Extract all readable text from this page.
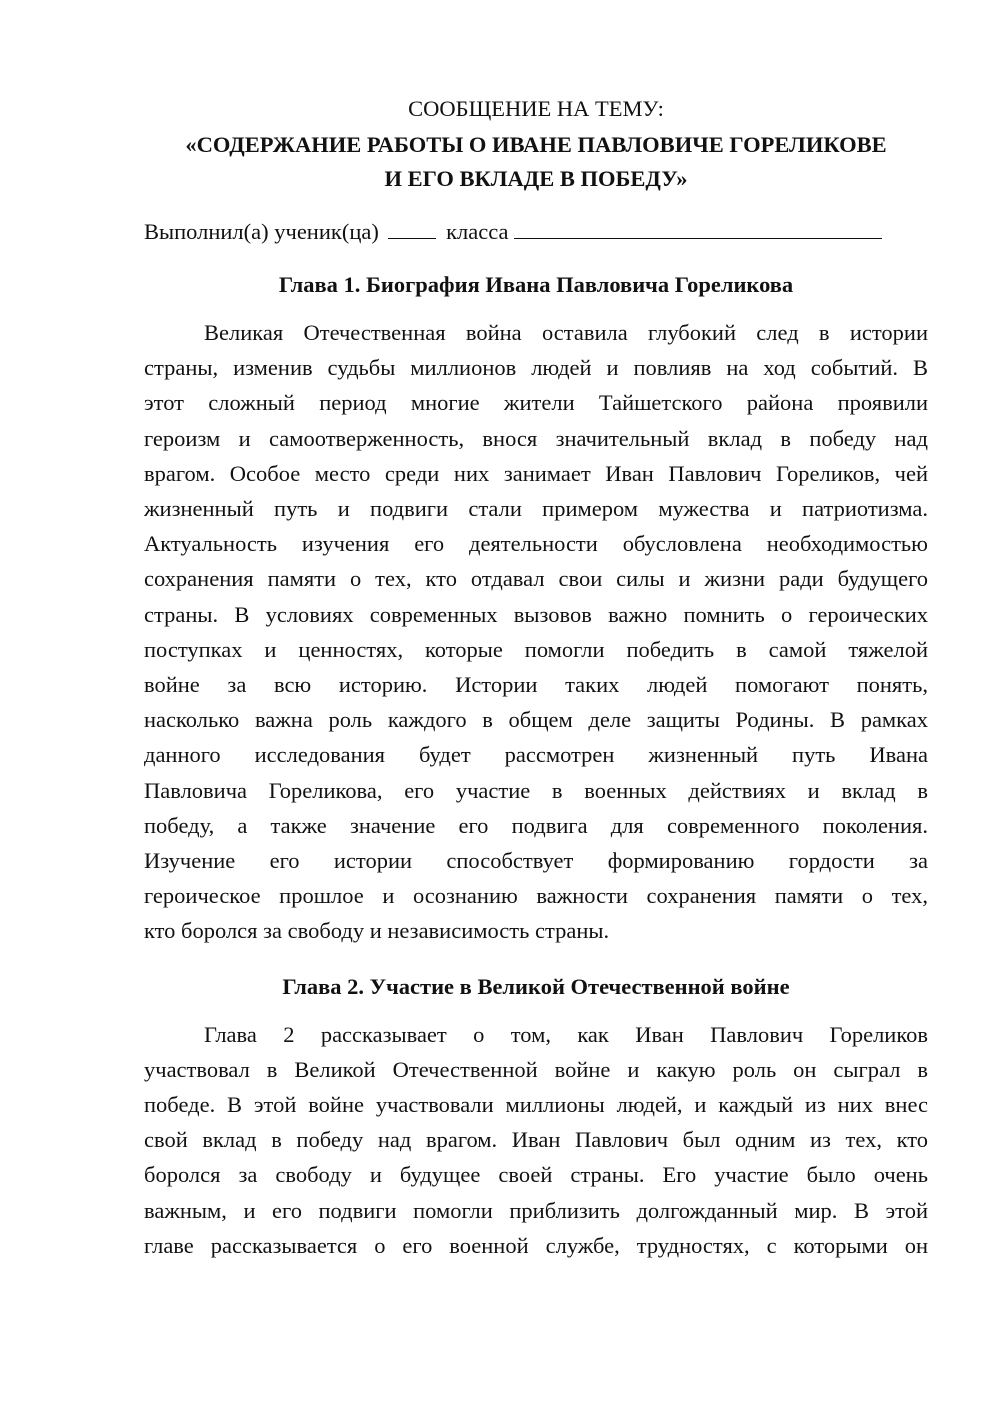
СООБЩЕНИЕ НА ТЕМУ:

«СОДЕРЖАНИЕ РАБОТЫ О ИВАНЕ ПАВЛОВИЧЕ ГОРЕЛИКОВЕ
И ЕГО ВКЛАДЕ В ПОБЕДУ»

Выполнил(а) ученик(ца)	класса

Глава 1. Биография Ивана Павловича Гореликова
Великая Отечественная война оставила глубокий след в истории
страны, изменив судьбы миллионов людей и повлияв на ход событий. В
этот сложный период многие жители Тайшетского района проявили
героизм и самоотверженность, внося значительный вклад в победу над
врагом. Особое место среди них занимает Иван Павлович Гореликов, чей
жизненный путь и подвиги стали примером мужества и патриотизма.
Актуальность изучения его деятельности обусловлена необходимостью
сохранения памяти о тех, кто отдавал свои силы и жизни ради будущего
страны. В условиях современных вызовов важно помнить о героических
поступках и ценностях, которые помогли победить в самой тяжелой
войне за всю историю. Истории таких людей помогают понять,
насколько важна роль каждого в общем деле защиты Родины. В рамках
данного исследования будет рассмотрен жизненный путь Ивана
Павловича Гореликова, его участие в военных действиях и вклад в
победу, а также значение его подвига для современного поколения.
Изучение его истории способствует формированию гордости за
героическое прошлое и осознанию важности сохранения памяти о тех,
кто боролся за свободу и независимость страны.
Глава 2. Участие в Великой Отечественной войне
Глава 2 рассказывает о том, как Иван Павлович Гореликов
участвовал в Великой Отечественной войне и какую роль он сыграл в
победе. В этой войне участвовали миллионы людей, и каждый из них внес
свой вклад в победу над врагом. Иван Павлович был одним из тех, кто
боролся за свободу и будущее своей страны. Его участие было очень
важным, и его подвиги помогли приблизить долгожданный мир. В этой
главе рассказывается о его военной службе, трудностях, с которыми он
